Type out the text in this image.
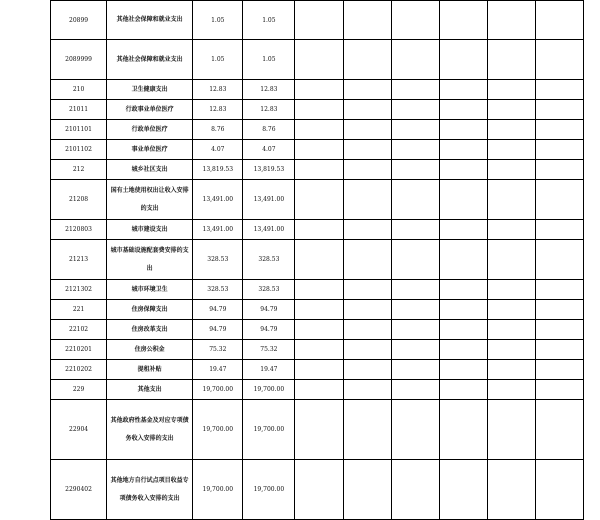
20899	其他社会保障和就业支出	1.05	1.05						
2089999	其他社会保障和就业支出	1.05	1.05						
210	卫生健康支出	12.83	12.83						
21011	行政事业单位医疗	12.83	12.83						
2101101	行政单位医疗	8.76	8.76						
2101102	事业单位医疗	4.07	4.07						
212	城乡社区支出	13,819.53	13,819.53						
21208	国有土地使用权出让收入安排的支出	13,491.00	13,491.00						
2120803	城市建设支出	13,491.00	13,491.00						
21213	城市基础设施配套费安排的支出	328.53	328.53						
2121302	城市环境卫生	328.53	328.53						
221	住房保障支出	94.79	94.79						
22102	住房改革支出	94.79	94.79						
2210201	住房公积金	75.32	75.32						
2210202	提租补贴	19.47	19.47						
229	其他支出	19,700.00	19,700.00						
22904	其他政府性基金及对应专项债务收入安排的支出	19,700.00	19,700.00						
2290402	其他地方自行试点项目收益专项债务收入安排的支出	19,700.00	19,700.00						
